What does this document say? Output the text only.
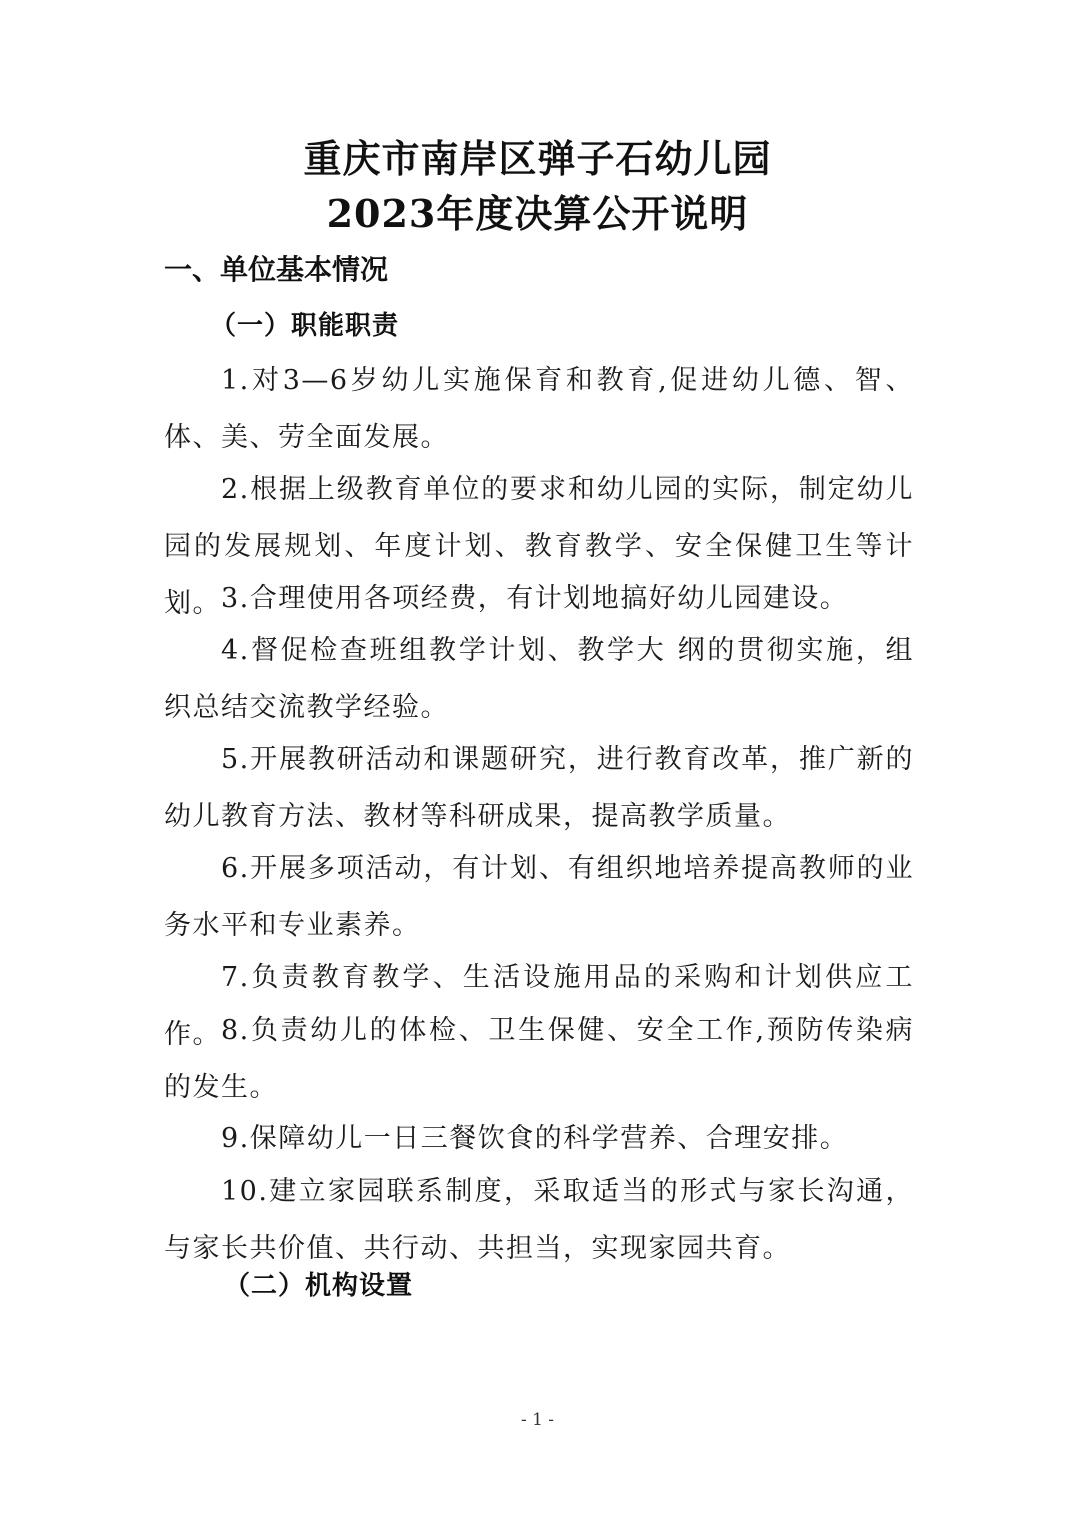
重庆市南岸区弹子石幼儿园
2023年度决算公开说明
一、单位基本情况
（一）职能职责

1.对3—6岁幼儿实施保育和教育,促进幼儿德、智、体、美、劳全面发展。

2.根据上级教育单位的要求和幼儿园的实际，制定幼儿园的发展规划、年度计划、教育教学、安全保健卫生等计划。 3.合理使用各项经费，有计划地搞好幼儿园建设。

4.督促检查班组教学计划、教学大 纲的贯彻实施，组织总结交流教学经验。

5.开展教研活动和课题研究，进行教育改革，推广新的幼儿教育方法、教材等科研成果，提高教学质量。

6.开展多项活动，有计划、有组织地培养提高教师的业务水平和专业素养。

7.负责教育教学、生活设施用品的采购和计划供应工作。 8.负责幼儿的体检、卫生保健、安全工作,预防传染病的发生。

9.保障幼儿一日三餐饮食的科学营养、合理安排。

10.建立家园联系制度，采取适当的形式与家长沟通，与家长共价值、共行动、共担当，实现家园共育。

（二）机构设置
- 1 -
